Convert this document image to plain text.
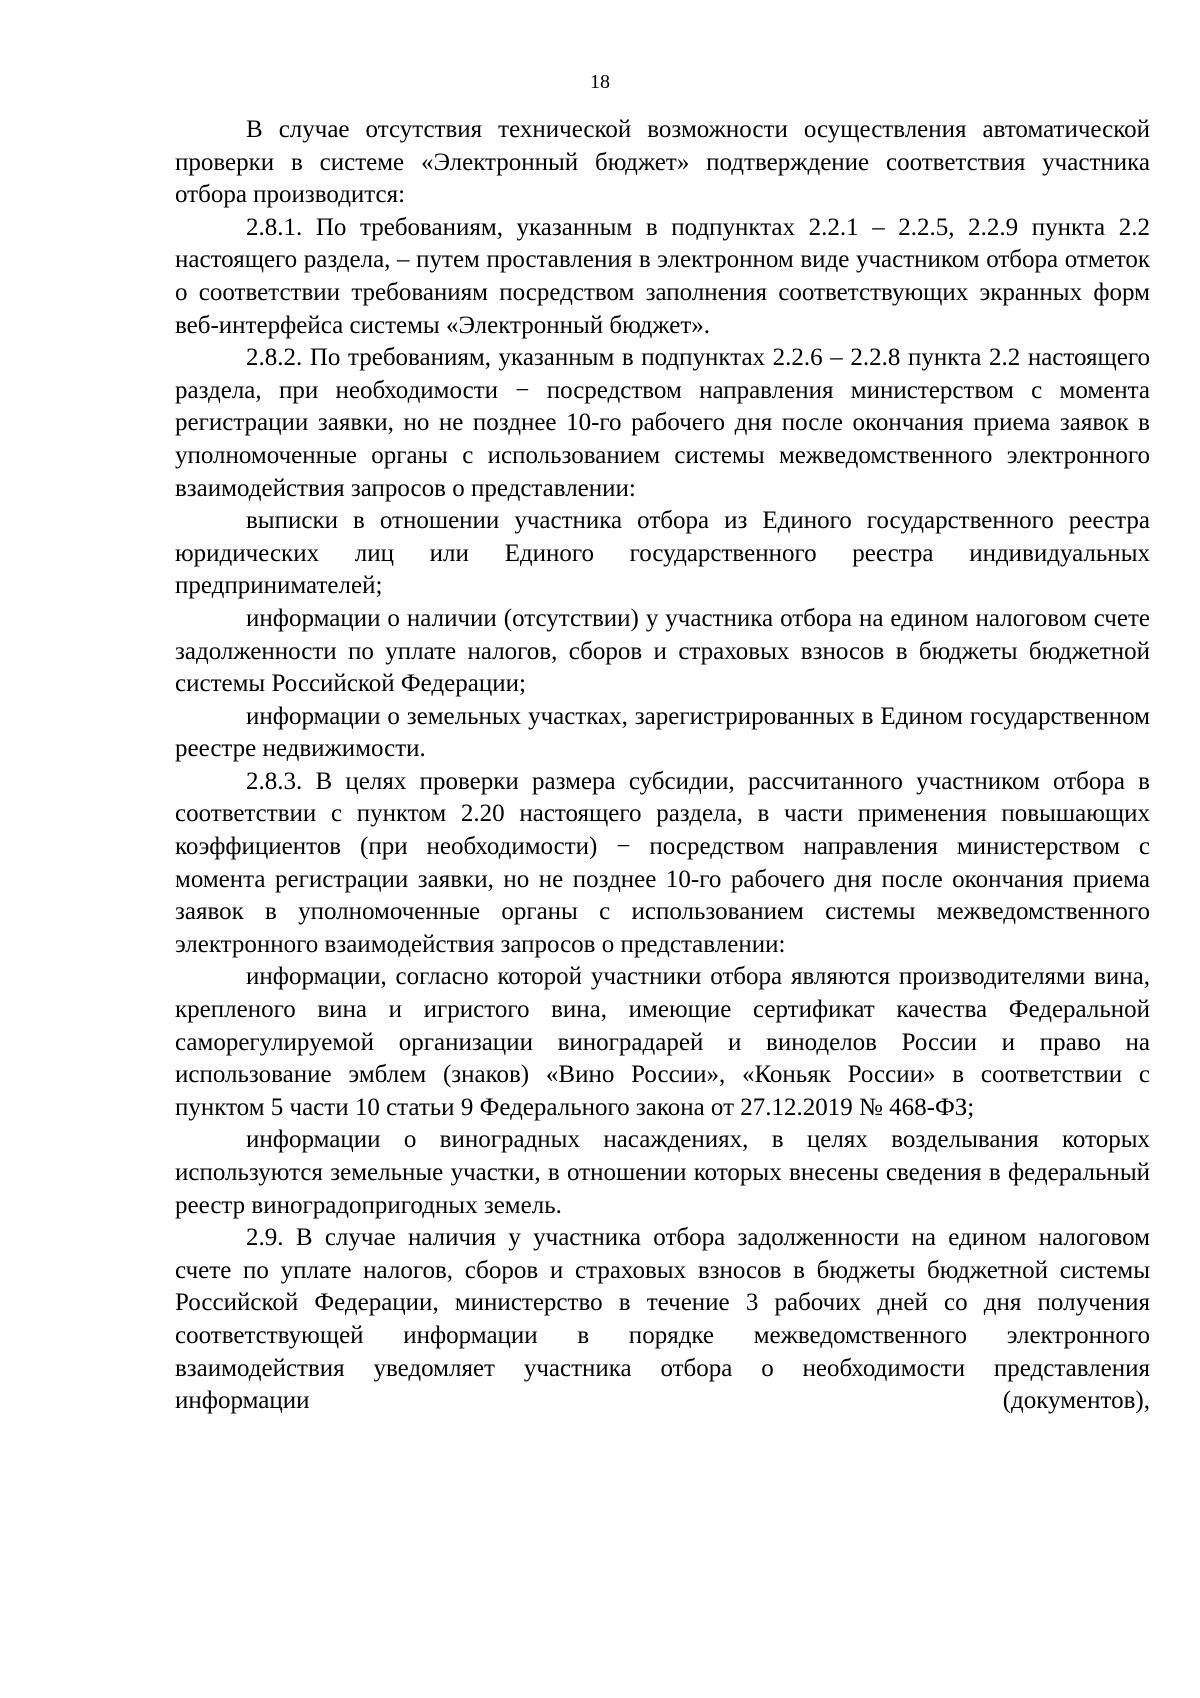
18

В случае отсутствия технической возможности осуществления автоматической проверки в системе «Электронный бюджет» подтверждение соответствия участника отбора производится:

2.8.1. По требованиям, указанным в подпунктах 2.2.1 – 2.2.5, 2.2.9 пункта 2.2 настоящего раздела, – путем проставления в электронном виде участником отбора отметок о соответствии требованиям посредством заполнения соответствующих экранных форм веб-интерфейса системы «Электронный бюджет».

2.8.2. По требованиям, указанным в подпунктах 2.2.6 – 2.2.8 пункта 2.2 настоящего раздела, при необходимости − посредством направления министерством с момента регистрации заявки, но не позднее 10-го рабочего дня после окончания приема заявок в уполномоченные органы с использованием системы межведомственного электронного взаимодействия запросов о представлении:

выписки в отношении участника отбора из Единого государственного реестра юридических лиц или Единого государственного реестра индивидуальных предпринимателей;

информации о наличии (отсутствии) у участника отбора на едином налоговом счете задолженности по уплате налогов, сборов и страховых взносов в бюджеты бюджетной системы Российской Федерации;

информации о земельных участках, зарегистрированных в Едином государственном реестре недвижимости.

2.8.3. В целях проверки размера субсидии, рассчитанного участником отбора в соответствии с пунктом 2.20 настоящего раздела, в части применения повышающих коэффициентов (при необходимости) − посредством направления министерством с момента регистрации заявки, но не позднее 10-го рабочего дня после окончания приема заявок в уполномоченные органы с использованием системы межведомственного электронного взаимодействия запросов о представлении:

информации, согласно которой участники отбора являются производителями вина, крепленого вина и игристого вина, имеющие сертификат качества Федеральной саморегулируемой организации виноградарей и виноделов России и право на использование эмблем (знаков) «Вино России», «Коньяк России» в соответствии с пунктом 5 части 10 статьи 9 Федерального закона от 27.12.2019 № 468-ФЗ;

информации о виноградных насаждениях, в целях возделывания которых используются земельные участки, в отношении которых внесены сведения в федеральный реестр виноградопригодных земель.

2.9. В случае наличия у участника отбора задолженности на едином налоговом счете по уплате налогов, сборов и страховых взносов в бюджеты бюджетной системы Российской Федерации, министерство в течение 3 рабочих дней со дня получения соответствующей информации в порядке межведомственного электронного взаимодействия уведомляет участника отбора о необходимости представления информации (документов),
